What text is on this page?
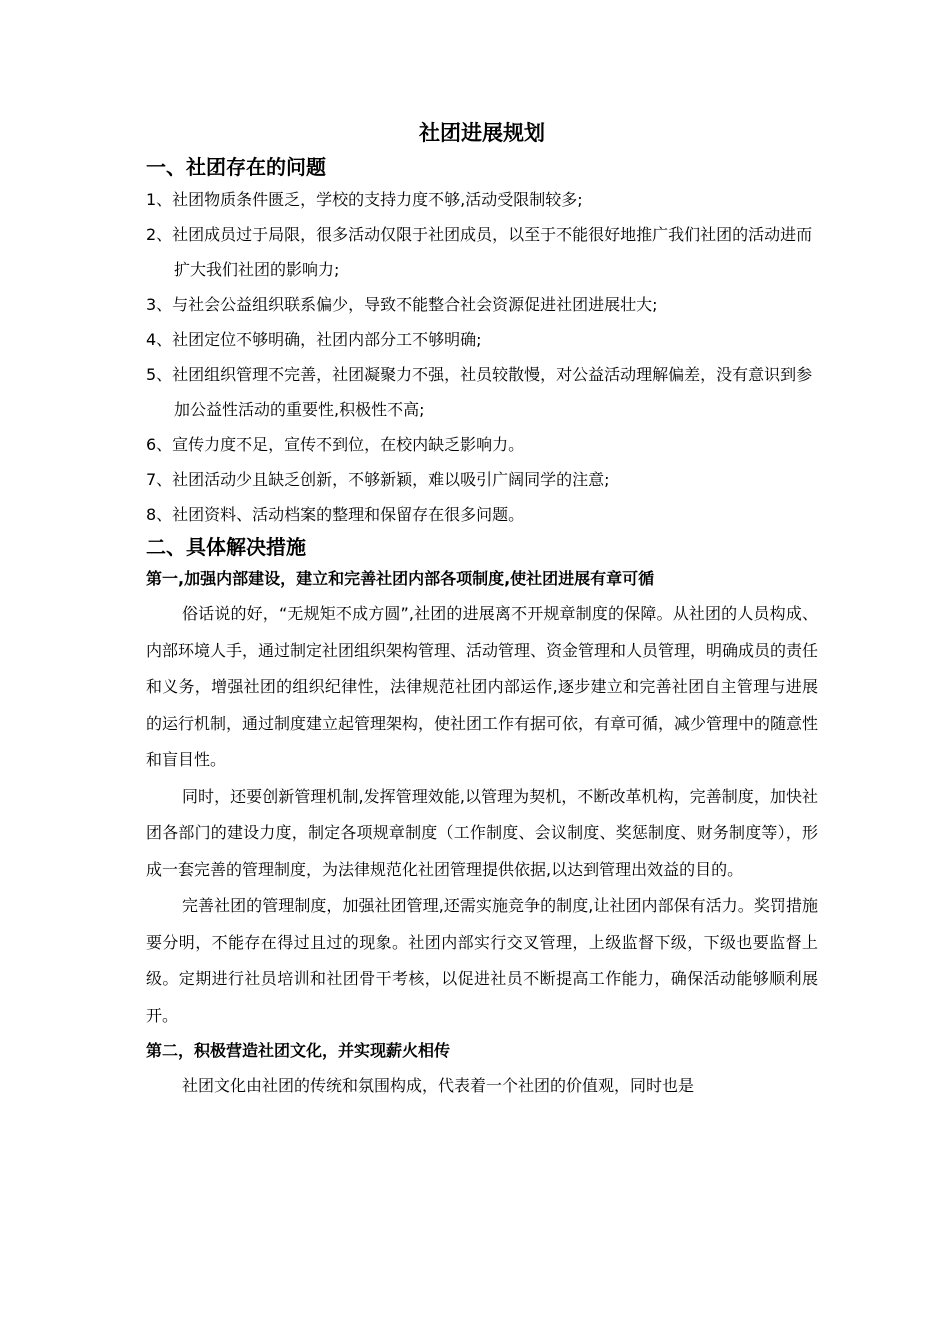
社团进展规划
一、社团存在的问题
1、社团物质条件匮乏，学校的支持力度不够,活动受限制较多;
2、社团成员过于局限，很多活动仅限于社团成员，以至于不能很好地推广我们社团的活动进而扩大我们社团的影响力;
3、与社会公益组织联系偏少，导致不能整合社会资源促进社团进展壮大;
4、社团定位不够明确，社团内部分工不够明确;
5、社团组织管理不完善，社团凝聚力不强，社员较散慢，对公益活动理解偏差，没有意识到参加公益性活动的重要性,积极性不高;
6、宣传力度不足，宣传不到位，在校内缺乏影响力。
7、社团活动少且缺乏创新，不够新颖，难以吸引广阔同学的注意;
8、社团资料、活动档案的整理和保留存在很多问题。
二、具体解决措施
第一,加强内部建设，建立和完善社团内部各项制度,使社团进展有章可循

俗话说的好，“无规矩不成方圆”,社团的进展离不开规章制度的保障。从社团的人员构成、内部环境人手，通过制定社团组织架构管理、活动管理、资金管理和人员管理，明确成员的责任和义务，增强社团的组织纪律性，法律规范社团内部运作,逐步建立和完善社团自主管理与进展的运行机制，通过制度建立起管理架构，使社团工作有据可依，有章可循，减少管理中的随意性和盲目性。

同时，还要创新管理机制,发挥管理效能,以管理为契机，不断改革机构，完善制度，加快社团各部门的建设力度，制定各项规章制度（工作制度、会议制度、奖惩制度、财务制度等），形成一套完善的管理制度，为法律规范化社团管理提供依据,以达到管理出效益的目的。

完善社团的管理制度，加强社团管理,还需实施竞争的制度,让社团内部保有活力。奖罚措施要分明，不能存在得过且过的现象。社团内部实行交叉管理，上级监督下级，下级也要监督上级。定期进行社员培训和社团骨干考核，以促进社员不断提高工作能力，确保活动能够顺利展开。

第二，积极营造社团文化，并实现薪火相传

社团文化由社团的传统和氛围构成，代表着一个社团的价值观，同时也是
